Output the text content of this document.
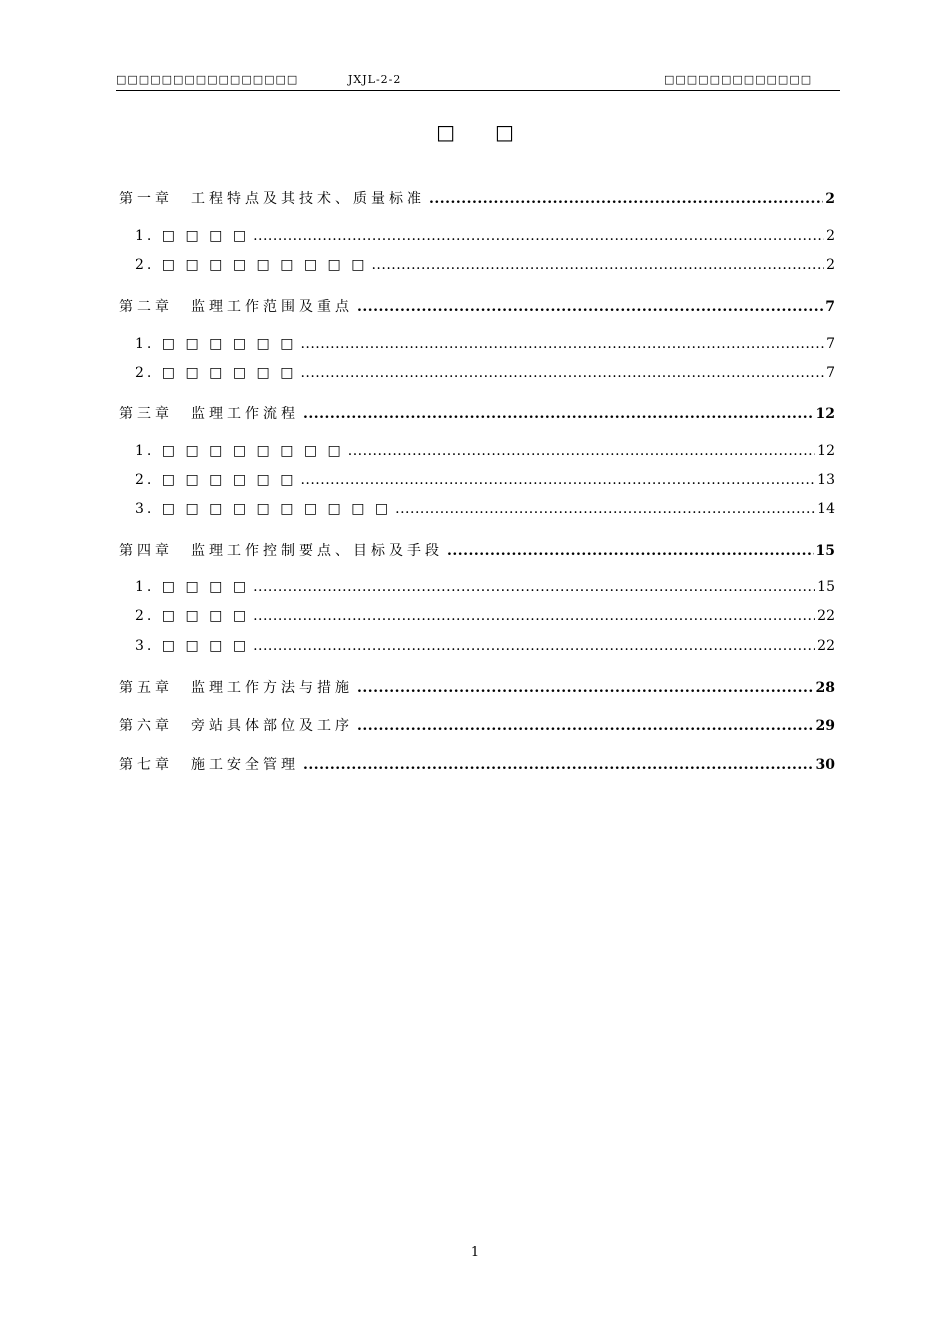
□□□□□□□□□□□□□□□□	JXJL-2-2	□□□□□□□□□□□□□
□□
第一章 工程特点及其技术、质量标准 .....	2
1. □ □ □ □ .....	2
2. □ □ □ □ □ □ □ □ □ .....	2
第二章 监理工作范围及重点 .....	7
1. □ □ □ □ □ □ .....	7
2. □ □ □ □ □ □ .....	7
第三章 监理工作流程 .....	12
1. □ □ □ □ □ □ □ □ .....	12
2. □ □ □ □ □ □ .....	13
3. □ □ □ □ □ □ □ □ □ □ .....	14
第四章 监理工作控制要点、目标及手段 .....	15
1. □ □ □ □ .....	15
2. □ □ □ □ .....	22
3. □ □ □ □ .....	22
第五章 监理工作方法与措施 .....	28
第六章 旁站具体部位及工序 .....	29
第七章 施工安全管理 .....	30
1
